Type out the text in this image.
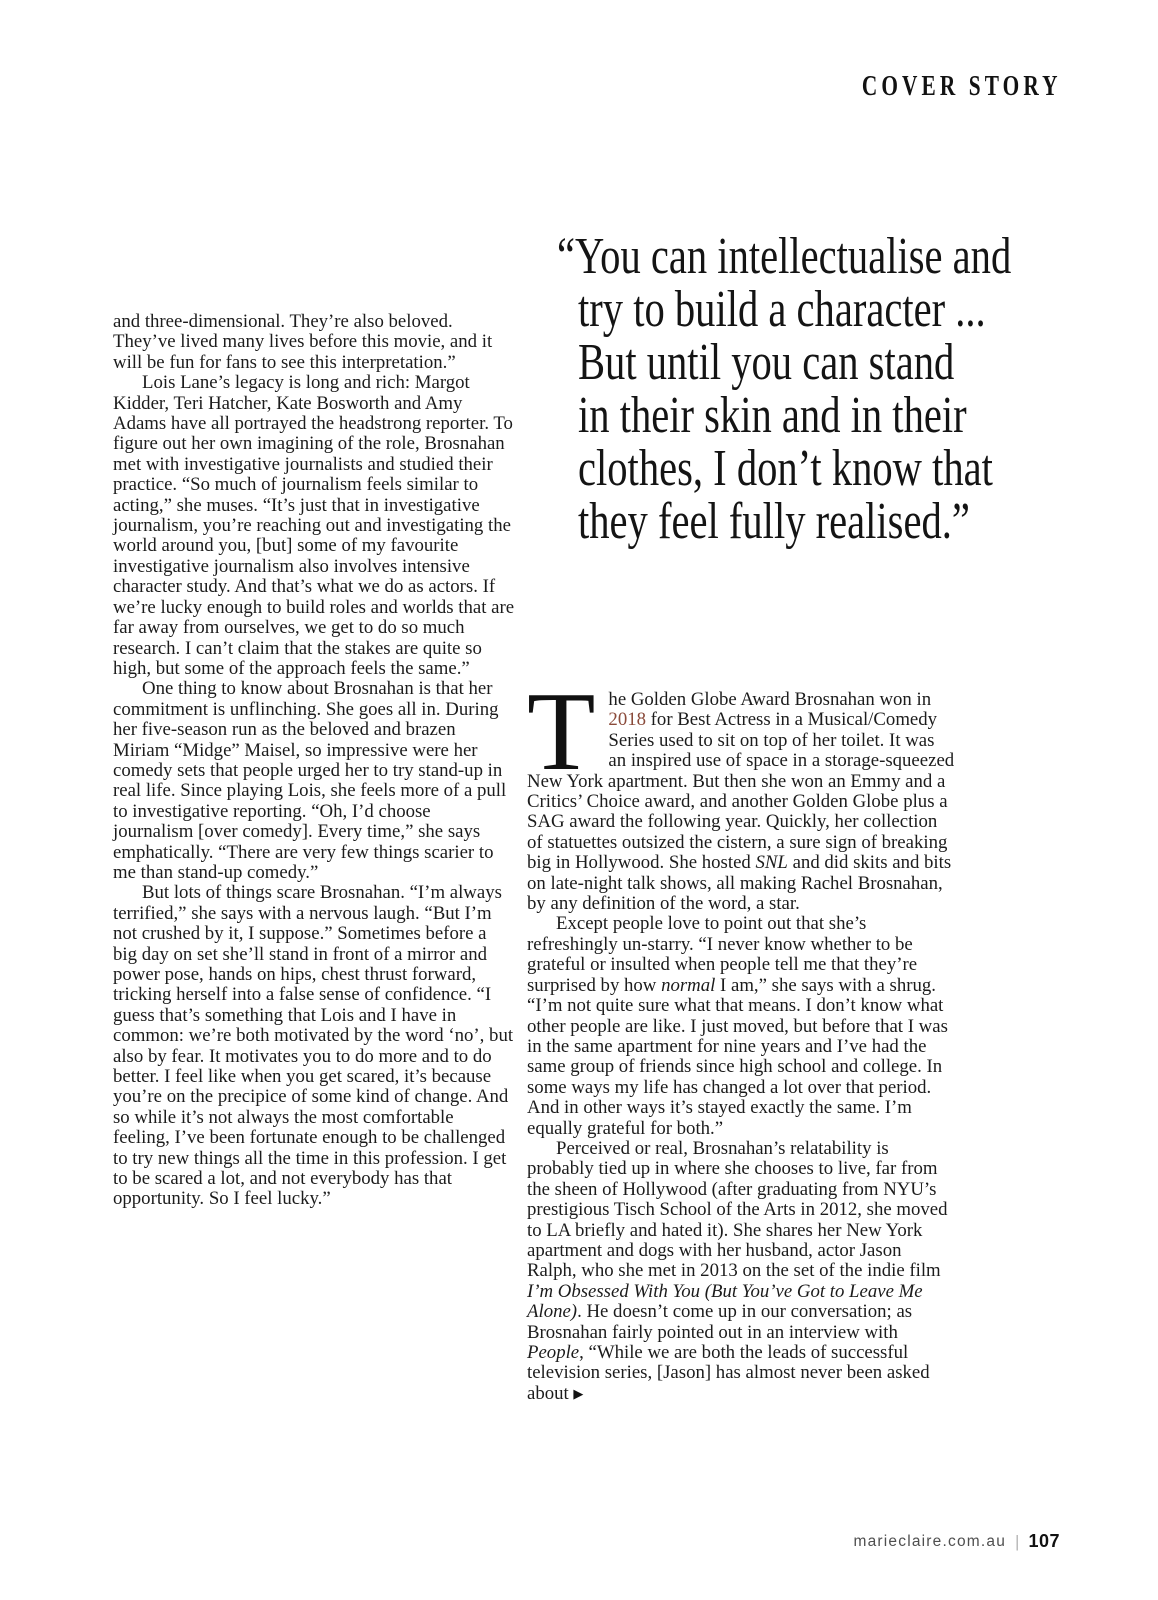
COVER STORY
“You can intellectualise and
try to build a character ...
But until you can stand
in their skin and in their
clothes, I don’t know that
they feel fully realised.”

and three-dimensional. They’re also beloved. They’ve lived many lives before this movie, and it will be fun for fans to see this interpretation.”

Lois Lane’s legacy is long and rich: Margot Kidder, Teri Hatcher, Kate Bosworth and Amy Adams have all portrayed the headstrong reporter. To figure out her own imagining of the role, Brosnahan met with investigative journalists and studied their practice. “So much of journalism feels similar to acting,” she muses. “It’s just that in investigative journalism, you’re reaching out and investigating the world around you, [but] some of my favourite investigative journalism also involves intensive character study. And that’s what we do as actors. If we’re lucky enough to build roles and worlds that are far away from ourselves, we get to do so much research. I can’t claim that the stakes are quite so high, but some of the approach feels the same.”

One thing to know about Brosnahan is that her commitment is unflinching. She goes all in. During her five-season run as the beloved and brazen Miriam “Midge” Maisel, so impressive were her comedy sets that people urged her to try stand-up in real life. Since playing Lois, she feels more of a pull to investigative reporting. “Oh, I’d choose journalism [over comedy]. Every time,” she says emphatically. “There are very few things scarier to me than stand-up comedy.”

But lots of things scare Brosnahan. “I’m always terrified,” she says with a nervous laugh. “But I’m not crushed by it, I suppose.” Sometimes before a big day on set she’ll stand in front of a mirror and power pose, hands on hips, chest thrust forward, tricking herself into a false sense of confidence. “I guess that’s something that Lois and I have in common: we’re both motivated by the word ‘no’, but also by fear. It motivates you to do more and to do better. I feel like when you get scared, it’s because you’re on the precipice of some kind of change. And so while it’s not always the most comfortable feeling, I’ve been fortunate enough to be challenged to try new things all the time in this profession. I get to be scared a lot, and not everybody has that opportunity. So I feel lucky.”

The Golden Globe Award Brosnahan won in 2018 for Best Actress in a Musical/Comedy Series used to sit on top of her toilet. It was an inspired use of space in a storage-squeezed New York apartment. But then she won an Emmy and a Critics’ Choice award, and another Golden Globe plus a SAG award the following year. Quickly, her collection of statuettes outsized the cistern, a sure sign of breaking big in Hollywood. She hosted SNL and did skits and bits on late-night talk shows, all making Rachel Brosnahan, by any definition of the word, a star.

Except people love to point out that she’s refreshingly un-starry. “I never know whether to be grateful or insulted when people tell me that they’re surprised by how normal I am,” she says with a shrug. “I’m not quite sure what that means. I don’t know what other people are like. I just moved, but before that I was in the same apartment for nine years and I’ve had the same group of friends since high school and college. In some ways my life has changed a lot over that period. And in other ways it’s stayed exactly the same. I’m equally grateful for both.”

Perceived or real, Brosnahan’s relatability is probably tied up in where she chooses to live, far from the sheen of Hollywood (after graduating from NYU’s prestigious Tisch School of the Arts in 2012, she moved to LA briefly and hated it). She shares her New York apartment and dogs with her husband, actor Jason Ralph, who she met in 2013 on the set of the indie film I’m Obsessed With You (But You’ve Got to Leave Me Alone). He doesn’t come up in our conversation; as Brosnahan fairly pointed out in an interview with People, “While we are both the leads of successful television series, [Jason] has almost never been asked about ▶

marieclaire.com.au | 107
